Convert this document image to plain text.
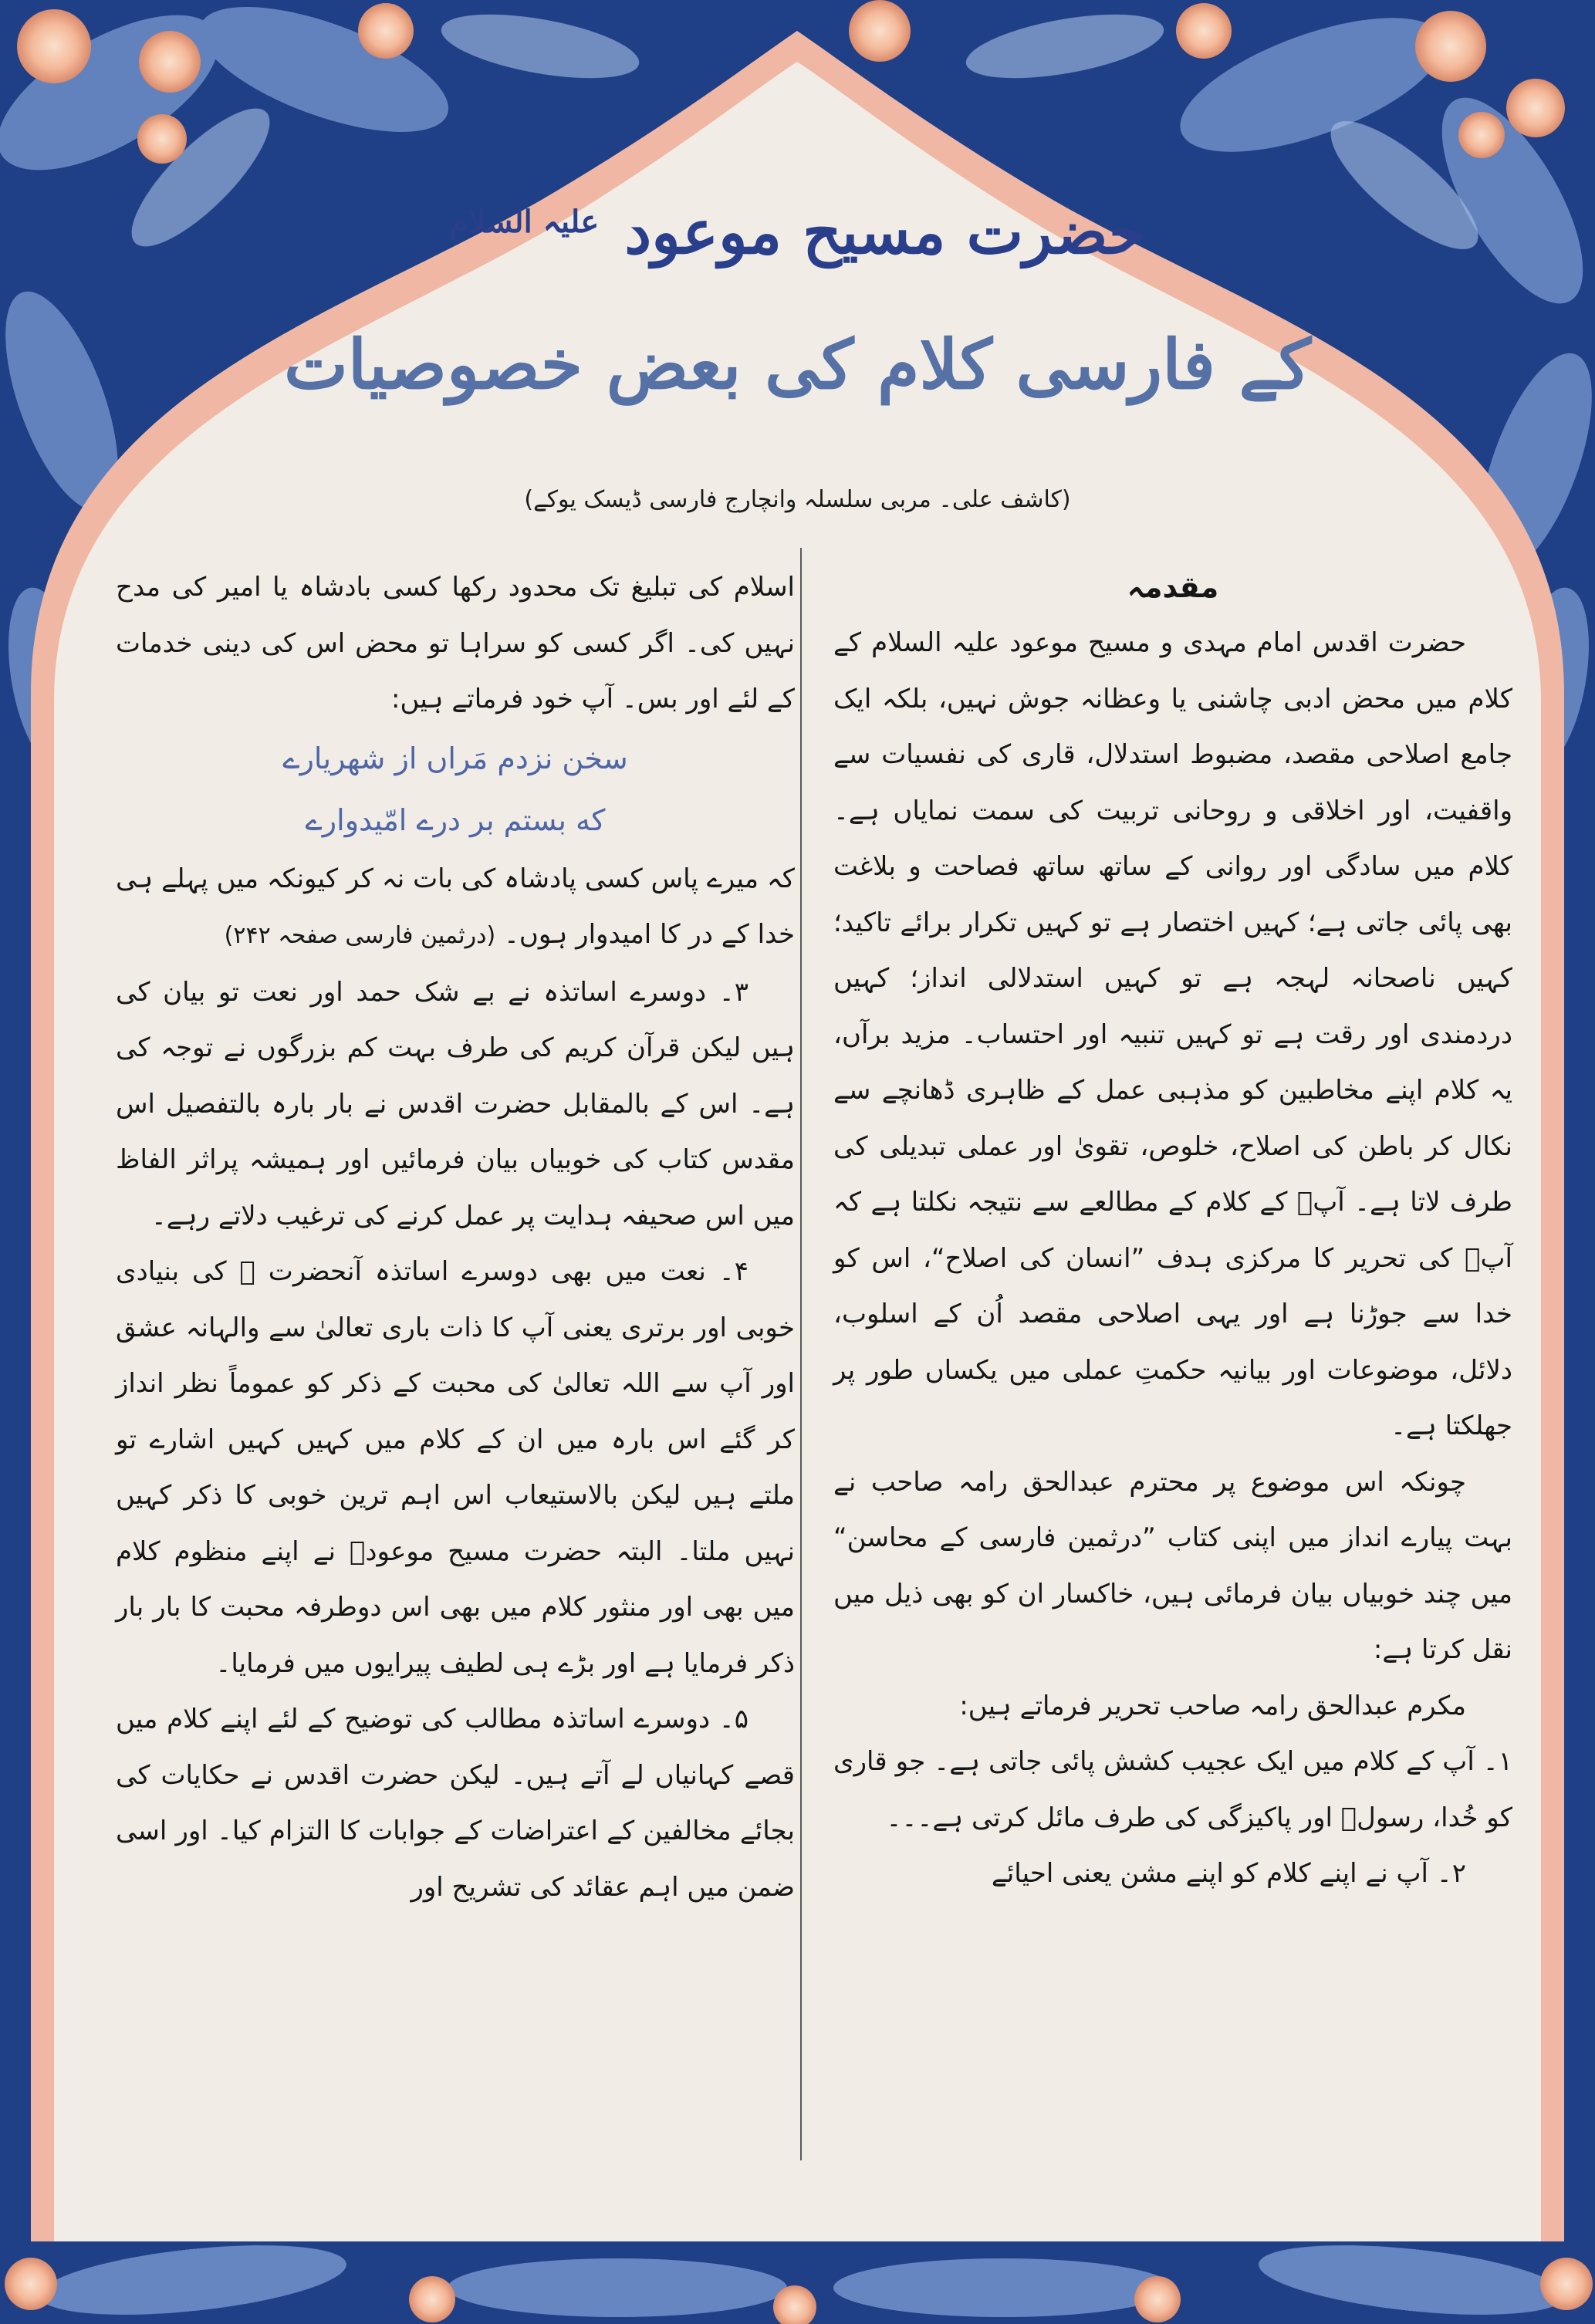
حضرت مسیح موعود $^{علیہ السلام}$
کے فارسی کلام کی بعض خصوصیات
(کاشف علی۔ مربی سلسلہ وانچارج فارسی ڈیسک یوکے)

مقدمہ

حضرت اقدس امام مہدی و مسیح موعود علیہ السلام کے کلام میں محض ادبی چاشنی یا وعظانہ جوش نہیں، بلکہ ایک جامع اصلاحی مقصد، مضبوط استدلال، قاری کی نفسیات سے واقفیت، اور اخلاقی و روحانی تربیت کی سمت نمایاں ہے۔ کلام میں سادگی اور روانی کے ساتھ ساتھ فصاحت و بلاغت بھی پائی جاتی ہے؛ کہیں اختصار ہے تو کہیں تکرار برائے تاکید؛ کہیں ناصحانہ لہجہ ہے تو کہیں استدلالی انداز؛ کہیں دردمندی اور رقت ہے تو کہیں تنبیہ اور احتساب۔ مزید برآں، یہ کلام اپنے مخاطبین کو مذہبی عمل کے ظاہری ڈھانچے سے نکال کر باطن کی اصلاح، خلوص، تقویٰ اور عملی تبدیلی کی طرف لاتا ہے۔ آپؑ کے کلام کے مطالعے سے نتیجہ نکلتا ہے کہ آپؑ کی تحریر کا مرکزی ہدف ”انسان کی اصلاح“، اس کو خدا سے جوڑنا ہے اور یہی اصلاحی مقصد اُن کے اسلوب، دلائل، موضوعات اور بیانیہ حکمتِ عملی میں یکساں طور پر جھلکتا ہے۔

چونکہ اس موضوع پر محترم عبدالحق رامہ صاحب نے بہت پیارے انداز میں اپنی کتاب ”درثمین فارسی کے محاسن“ میں چند خوبیاں بیان فرمائی ہیں، خاکسار ان کو بھی ذیل میں نقل کرتا ہے:

مکرم عبدالحق رامہ صاحب تحریر فرماتے ہیں:

۱۔ آپ کے کلام میں ایک عجیب کشش پائی جاتی ہے۔ جو قاری کو خُدا، رسولؐ اور پاکیزگی کی طرف مائل کرتی ہے۔۔۔

۲۔ آپ نے اپنے کلام کو اپنے مشن یعنی احیائے

اسلام کی تبلیغ تک محدود رکھا کسی بادشاہ یا امیر کی مدح نہیں کی۔ اگر کسی کو سراہا تو محض اس کی دینی خدمات کے لئے اور بس۔ آپ خود فرماتے ہیں:

سخن نزدم مَراں از شهریارے

که بستم بر درے امّیدوارے

کہ میرے پاس کسی پادشاہ کی بات نہ کر کیونکہ میں پہلے ہی خدا کے در کا امیدوار ہوں۔ (درثمین فارسی صفحہ ۲۴۲)

۳۔ دوسرے اساتذہ نے بے شک حمد اور نعت تو بیان کی ہیں لیکن قرآن کریم کی طرف بہت کم بزرگوں نے توجہ کی ہے۔ اس کے بالمقابل حضرت اقدس نے بار بارہ بالتفصیل اس مقدس کتاب کی خوبیاں بیان فرمائیں اور ہمیشہ پراثر الفاظ میں اس صحیفہ ہدایت پر عمل کرنے کی ترغیب دلاتے رہے۔

۴۔ نعت میں بھی دوسرے اساتذہ آنحضرت ﷺ کی بنیادی خوبی اور برتری یعنی آپ کا ذات باری تعالیٰ سے والہانہ عشق اور آپ سے اللہ تعالیٰ کی محبت کے ذکر کو عموماً نظر انداز کر گئے اس بارہ میں ان کے کلام میں کہیں کہیں اشارے تو ملتے ہیں لیکن بالاستیعاب اس اہم ترین خوبی کا ذکر کہیں نہیں ملتا۔ البتہ حضرت مسیح موعودؑ نے اپنے منظوم کلام میں بھی اور منثور کلام میں بھی اس دوطرفہ محبت کا بار بار ذکر فرمایا ہے اور بڑے ہی لطیف پیرایوں میں فرمایا۔

۵۔ دوسرے اساتذہ مطالب کی توضیح کے لئے اپنے کلام میں قصے کہانیاں لے آتے ہیں۔ لیکن حضرت اقدس نے حکایات کی بجائے مخالفین کے اعتراضات کے جوابات کا التزام کیا۔ اور اسی ضمن میں اہم عقائد کی تشریح اور
